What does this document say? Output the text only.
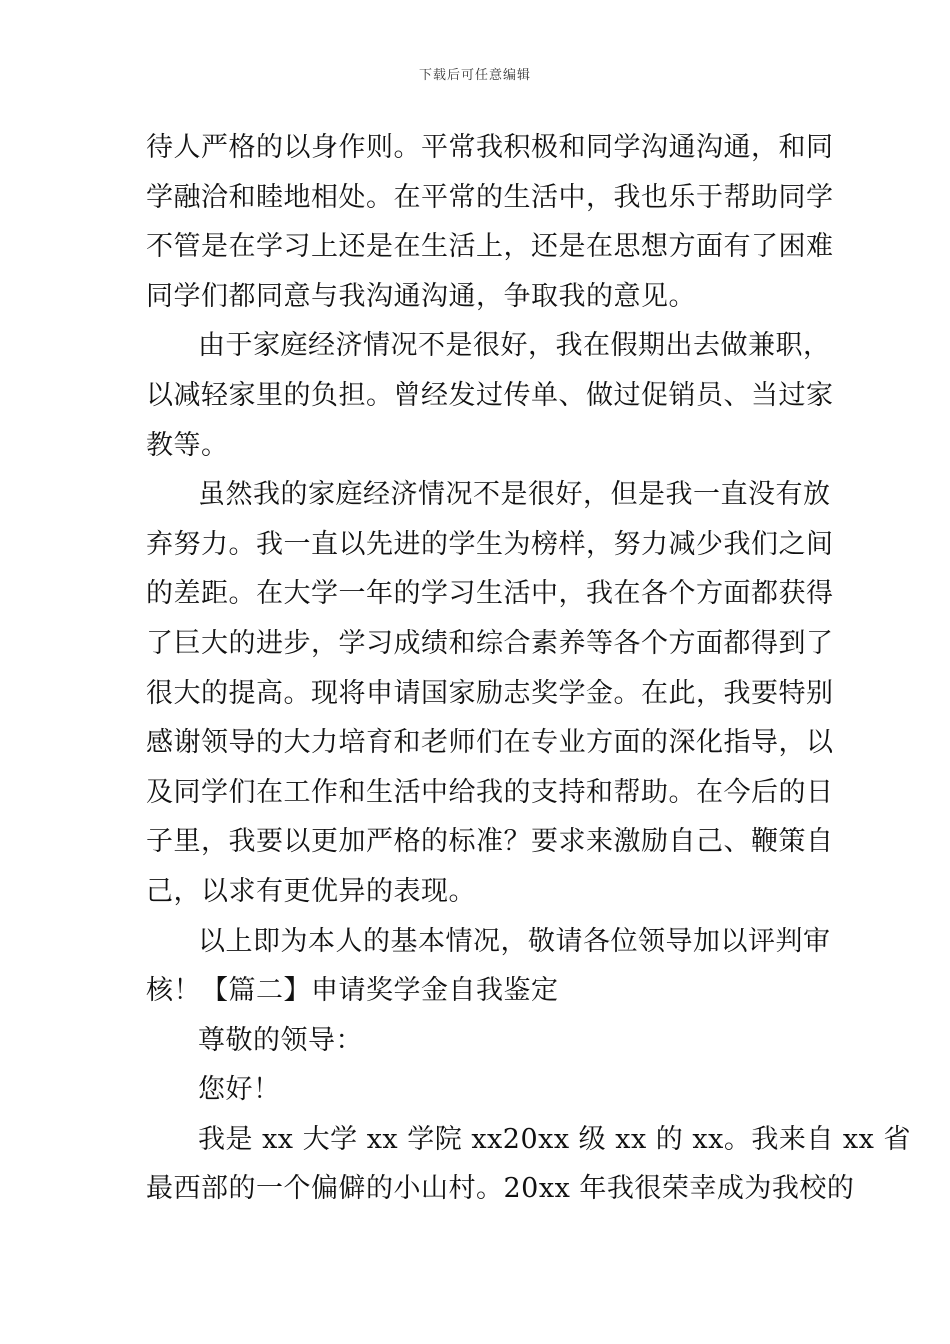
下载后可任意编辑
待人严格的以身作则。平常我积极和同学沟通沟通，和同
学融洽和睦地相处。在平常的生活中，我也乐于帮助同学
不管是在学习上还是在生活上，还是在思想方面有了困难
同学们都同意与我沟通沟通，争取我的意见。
由于家庭经济情况不是很好，我在假期出去做兼职，
以减轻家里的负担。曾经发过传单、做过促销员、当过家
教等。
虽然我的家庭经济情况不是很好，但是我一直没有放
弃努力。我一直以先进的学生为榜样，努力减少我们之间
的差距。在大学一年的学习生活中，我在各个方面都获得
了巨大的进步，学习成绩和综合素养等各个方面都得到了
很大的提高。现将申请国家励志奖学金。在此，我要特别
感谢领导的大力培育和老师们在专业方面的深化指导，以
及同学们在工作和生活中给我的支持和帮助。在今后的日
子里，我要以更加严格的标准？要求来激励自己、鞭策自
己，以求有更优异的表现。
以上即为本人的基本情况，敬请各位领导加以评判审
核！【篇二】申请奖学金自我鉴定
尊敬的领导：
您好！
我是 xx 大学 xx 学院 xx20xx 级 xx 的 xx。我来自 xx 省
最西部的一个偏僻的小山村。20xx 年我很荣幸成为我校的
